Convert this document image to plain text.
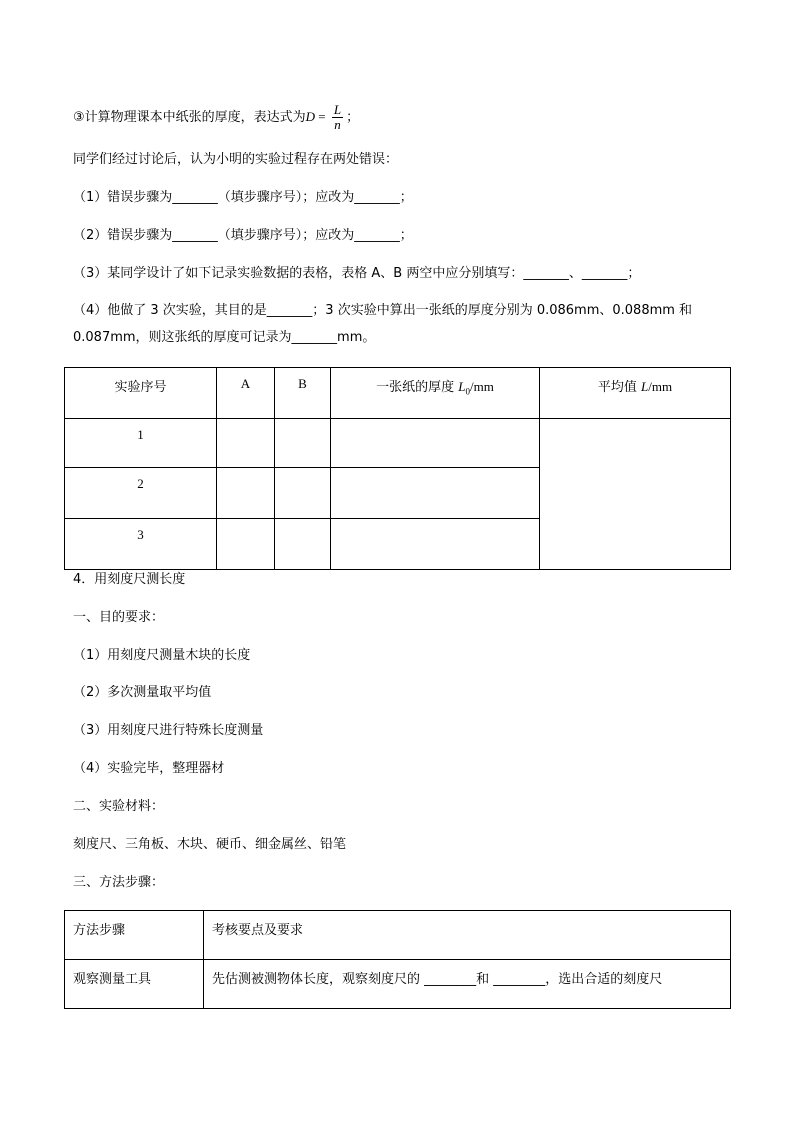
③计算物理课本中纸张的厚度，表达式为$D = \frac{L}{n}$ ；
同学们经过讨论后，认为小明的实验过程存在两处错误：
（1）错误步骤为_______（填步骤序号）；应改为_______；
（2）错误步骤为_______（填步骤序号）；应改为_______；
（3）某同学设计了如下记录实验数据的表格，表格 A、B 两空中应分别填写：_______、_______；
（4）他做了 3 次实验，其目的是_______；3 次实验中算出一张纸的厚度分别为 0.086mm、0.088mm 和
0.087mm，则这张纸的厚度可记录为_______mm。
实验序号	A	B	一张纸的厚度 $L_0/mm$	平均值 L/mm
1				
2				
3				
4．用刻度尺测长度
一、目的要求：
（1）用刻度尺测量木块的长度
（2）多次测量取平均值
（3）用刻度尺进行特殊长度测量
（4）实验完毕，整理器材
二、实验材料：
刻度尺、三角板、木块、硬币、细金属丝、铅笔
三、方法步骤：
方法步骤	考核要点及要求
观察测量工具	先估测被测物体长度，观察刻度尺的 ________和 ________，选出合适的刻度尺
